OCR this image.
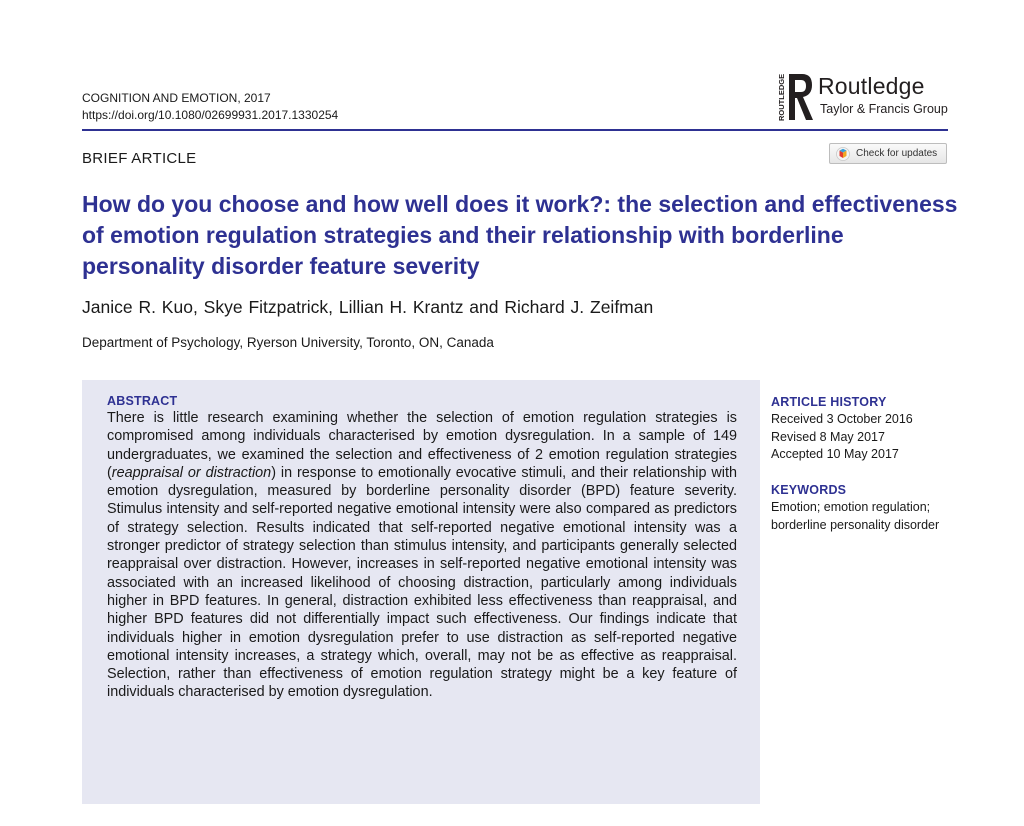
COGNITION AND EMOTION, 2017
https://doi.org/10.1080/02699931.2017.1330254	ROUTLEDGE Routledge
Taylor & Francis Group
BRIEF ARTICLE	Check for updates
How do you choose and how well does it work?: the selection and effectiveness of emotion regulation strategies and their relationship with borderline personality disorder feature severity
Janice R. Kuo, Skye Fitzpatrick, Lillian H. Krantz and Richard J. Zeifman
Department of Psychology, Ryerson University, Toronto, ON, Canada
ABSTRACT

There is little research examining whether the selection of emotion regulation strategies is compromised among individuals characterised by emotion dysregulation. In a sample of 149 undergraduates, we examined the selection and effectiveness of 2 emotion regulation strategies (reappraisal or distraction) in response to emotionally evocative stimuli, and their relationship with emotion dysregulation, measured by borderline personality disorder (BPD) feature severity. Stimulus intensity and self-reported negative emotional intensity were also compared as predictors of strategy selection. Results indicated that self-reported negative emotional intensity was a stronger predictor of strategy selection than stimulus intensity, and participants generally selected reappraisal over distraction. However, increases in self-reported negative emotional intensity was associated with an increased likelihood of choosing distraction, particularly among individuals higher in BPD features. In general, distraction exhibited less effectiveness than reappraisal, and higher BPD features did not differentially impact such effectiveness. Our findings indicate that individuals higher in emotion dysregulation prefer to use distraction as self-reported negative emotional intensity increases, a strategy which, overall, may not be as effective as reappraisal. Selection, rather than effectiveness of emotion regulation strategy might be a key feature of individuals characterised by emotion dysregulation.

ARTICLE HISTORY
Received 3 October 2016
Revised 8 May 2017
Accepted 10 May 2017
KEYWORDS

Emotion; emotion regulation; borderline personality disorder
